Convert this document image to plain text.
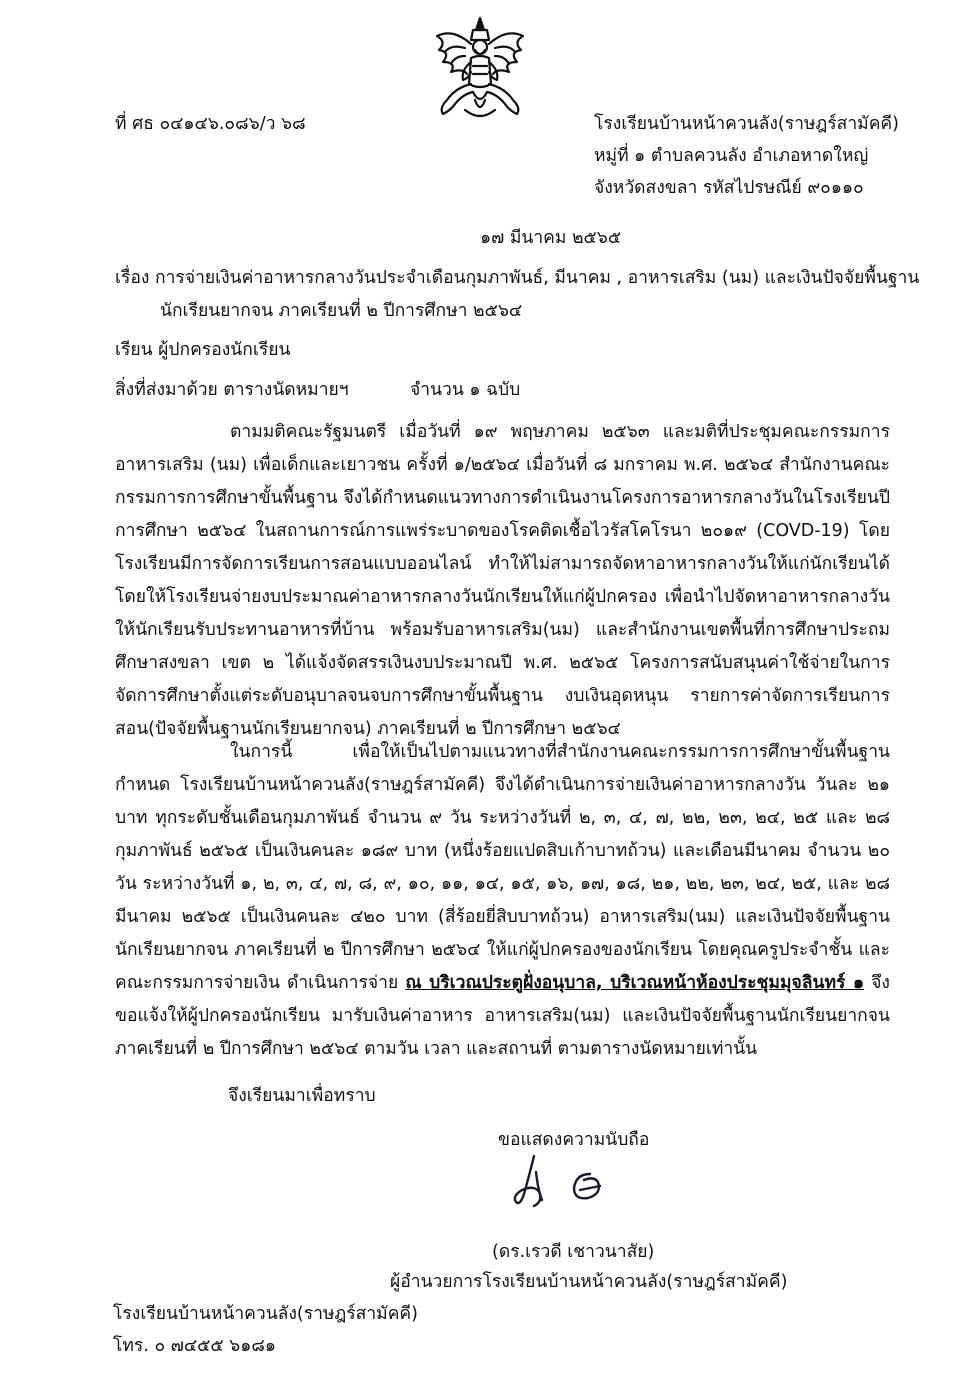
ที่ ศธ ๐๔๑๔๖.๐๘๖/ว ๖๘	โรงเรียนบ้านหน้าควนลัง(ราษฎร์สามัคคี)
หมู่ที่ ๑ ตำบลควนลัง อำเภอหาดใหญ่
จังหวัดสงขลา รหัสไปรษณีย์ ๙๐๑๑๐
๑๗ มีนาคม ๒๕๖๕
เรื่อง การจ่ายเงินค่าอาหารกลางวันประจำเดือนกุมภาพันธ์, มีนาคม , อาหารเสริม (นม) และเงินปัจจัยพื้นฐาน
นักเรียนยากจน ภาคเรียนที่ ๒ ปีการศึกษา ๒๕๖๔
เรียน ผู้ปกครองนักเรียน
สิ่งที่ส่งมาด้วย ตารางนัดหมายฯ	จำนวน ๑ ฉบับ
ตามมติคณะรัฐมนตรี เมื่อวันที่ ๑๙ พฤษภาคม ๒๕๖๓ และมติที่ประชุมคณะกรรมการอาหารเสริม (นม) เพื่อเด็กและเยาวชน ครั้งที่ ๑/๒๕๖๔ เมื่อวันที่ ๘ มกราคม พ.ศ. ๒๕๖๔ สำนักงานคณะกรรมการการศึกษาขั้นพื้นฐาน จึงได้กำหนดแนวทางการดำเนินงานโครงการอาหารกลางวันในโรงเรียนปีการศึกษา ๒๕๖๔ ในสถานการณ์การแพร่ระบาดของโรคติดเชื้อไวรัสโคโรนา ๒๐๑๙ (COVD-19) โดยโรงเรียนมีการจัดการเรียนการสอนแบบออนไลน์ ทำให้ไม่สามารถจัดหาอาหารกลางวันให้แก่นักเรียนได้ โดยให้โรงเรียนจ่ายงบประมาณค่าอาหารกลางวันนักเรียนให้แก่ผู้ปกครอง เพื่อนำไปจัดหาอาหารกลางวันให้นักเรียนรับประทานอาหารที่บ้าน พร้อมรับอาหารเสริม(นม) และสำนักงานเขตพื้นที่การศึกษาประถมศึกษาสงขลา เขต ๒ ได้แจ้งจัดสรรเงินงบประมาณปี พ.ศ. ๒๕๖๕ โครงการสนับสนุนค่าใช้จ่ายในการจัดการศึกษาตั้งแต่ระดับอนุบาลจนจบการศึกษาขั้นพื้นฐาน งบเงินอุดหนุน รายการค่าจัดการเรียนการสอน(ปัจจัยพื้นฐานนักเรียนยากจน) ภาคเรียนที่ ๒ ปีการศึกษา ๒๕๖๔
ในการนี้ เพื่อให้เป็นไปตามแนวทางที่สำนักงานคณะกรรมการการศึกษาขั้นพื้นฐานกำหนด โรงเรียนบ้านหน้าควนลัง(ราษฎร์สามัคคี) จึงได้ดำเนินการจ่ายเงินค่าอาหารกลางวัน วันละ ๒๑ บาท ทุกระดับชั้นเดือนกุมภาพันธ์ จำนวน ๙ วัน ระหว่างวันที่ ๒, ๓, ๔, ๗, ๒๒, ๒๓, ๒๔, ๒๕ และ ๒๘ กุมภาพันธ์ ๒๕๖๕ เป็นเงินคนละ ๑๘๙ บาท (หนึ่งร้อยแปดสิบเก้าบาทถ้วน) และเดือนมีนาคม จำนวน ๒๐ วัน ระหว่างวันที่ ๑, ๒, ๓, ๔, ๗, ๘, ๙, ๑๐, ๑๑, ๑๔, ๑๕, ๑๖, ๑๗, ๑๘, ๒๑, ๒๒, ๒๓, ๒๔, ๒๕, และ ๒๘ มีนาคม ๒๕๖๕ เป็นเงินคนละ ๔๒๐ บาท (สี่ร้อยยี่สิบบาทถ้วน) อาหารเสริม(นม) และเงินปัจจัยพื้นฐานนักเรียนยากจน ภาคเรียนที่ ๒ ปีการศึกษา ๒๕๖๔ ให้แก่ผู้ปกครองของนักเรียน โดยคุณครูประจำชั้น และคณะกรรมการจ่ายเงิน ดำเนินการจ่าย ณ บริเวณประตูฝั่งอนุบาล, บริเวณหน้าห้องประชุมมุจลินทร์ ๑ จึงขอแจ้งให้ผู้ปกครองนักเรียน มารับเงินค่าอาหาร อาหารเสริม(นม) และเงินปัจจัยพื้นฐานนักเรียนยากจน ภาคเรียนที่ ๒ ปีการศึกษา ๒๕๖๔ ตามวัน เวลา และสถานที่ ตามตารางนัดหมายเท่านั้น
จึงเรียนมาเพื่อทราบ
ขอแสดงความนับถือ
(ดร.เรวดี เชาวนาสัย)
ผู้อำนวยการโรงเรียนบ้านหน้าควนลัง(ราษฎร์สามัคคี)
โรงเรียนบ้านหน้าควนลัง(ราษฎร์สามัคคี)
โทร. ๐ ๗๔๕๕ ๖๑๘๑
